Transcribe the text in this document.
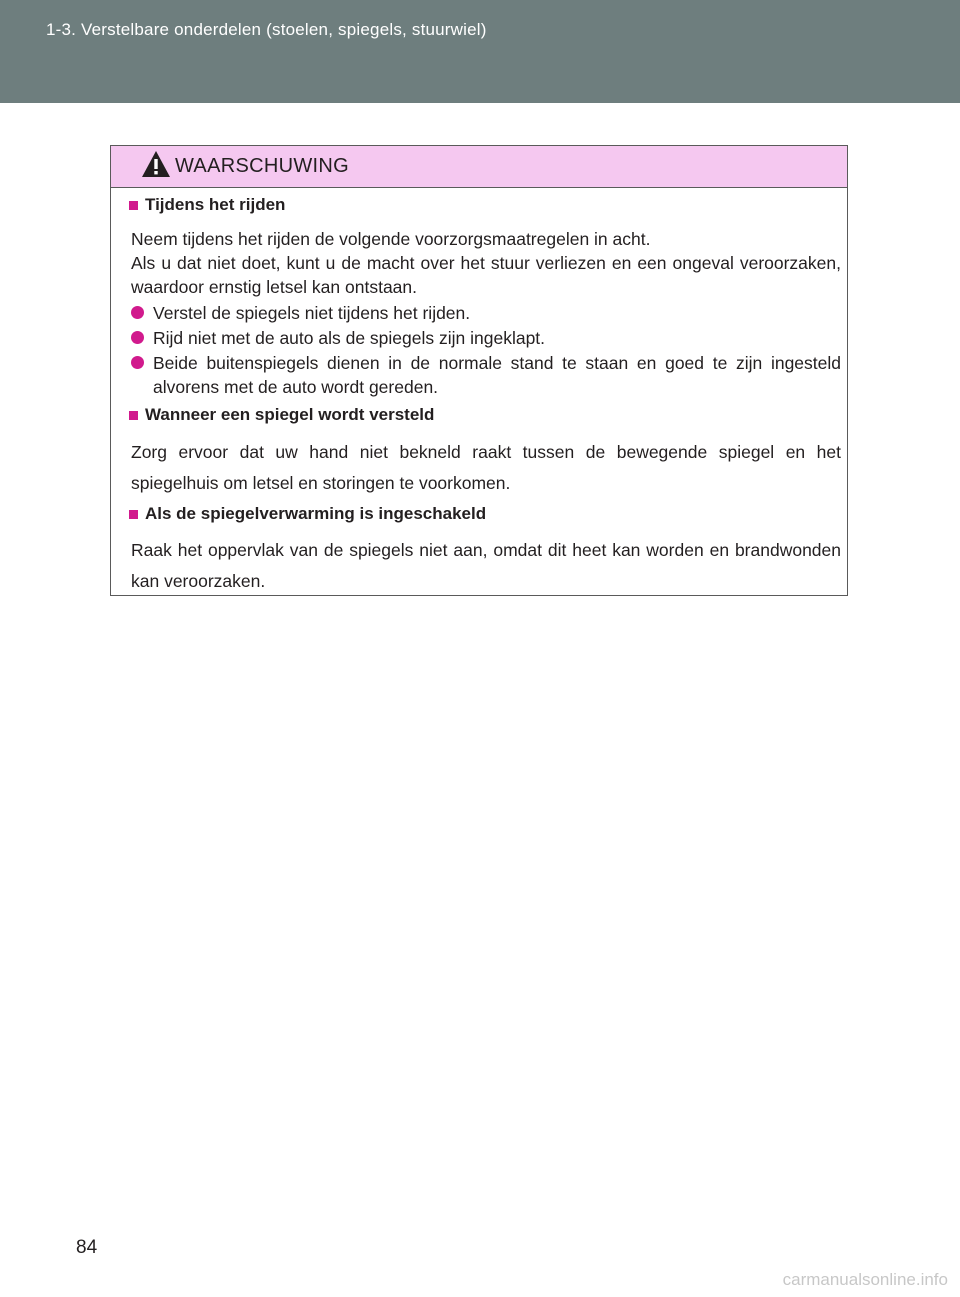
1-3. Verstelbare onderdelen (stoelen, spiegels, stuurwiel)
WAARSCHUWING
Tijdens het rijden
Neem tijdens het rijden de volgende voorzorgsmaatregelen in acht.
Als u dat niet doet, kunt u de macht over het stuur verliezen en een ongeval veroorzaken, waardoor ernstig letsel kan ontstaan.
Verstel de spiegels niet tijdens het rijden.
Rijd niet met de auto als de spiegels zijn ingeklapt.
Beide buitenspiegels dienen in de normale stand te staan en goed te zijn ingesteld alvorens met de auto wordt gereden.
Wanneer een spiegel wordt versteld
Zorg ervoor dat uw hand niet bekneld raakt tussen de bewegende spiegel en het spiegelhuis om letsel en storingen te voorkomen.
Als de spiegelverwarming is ingeschakeld
Raak het oppervlak van de spiegels niet aan, omdat dit heet kan worden en brandwonden kan veroorzaken.
84
carmanualsonline.info
